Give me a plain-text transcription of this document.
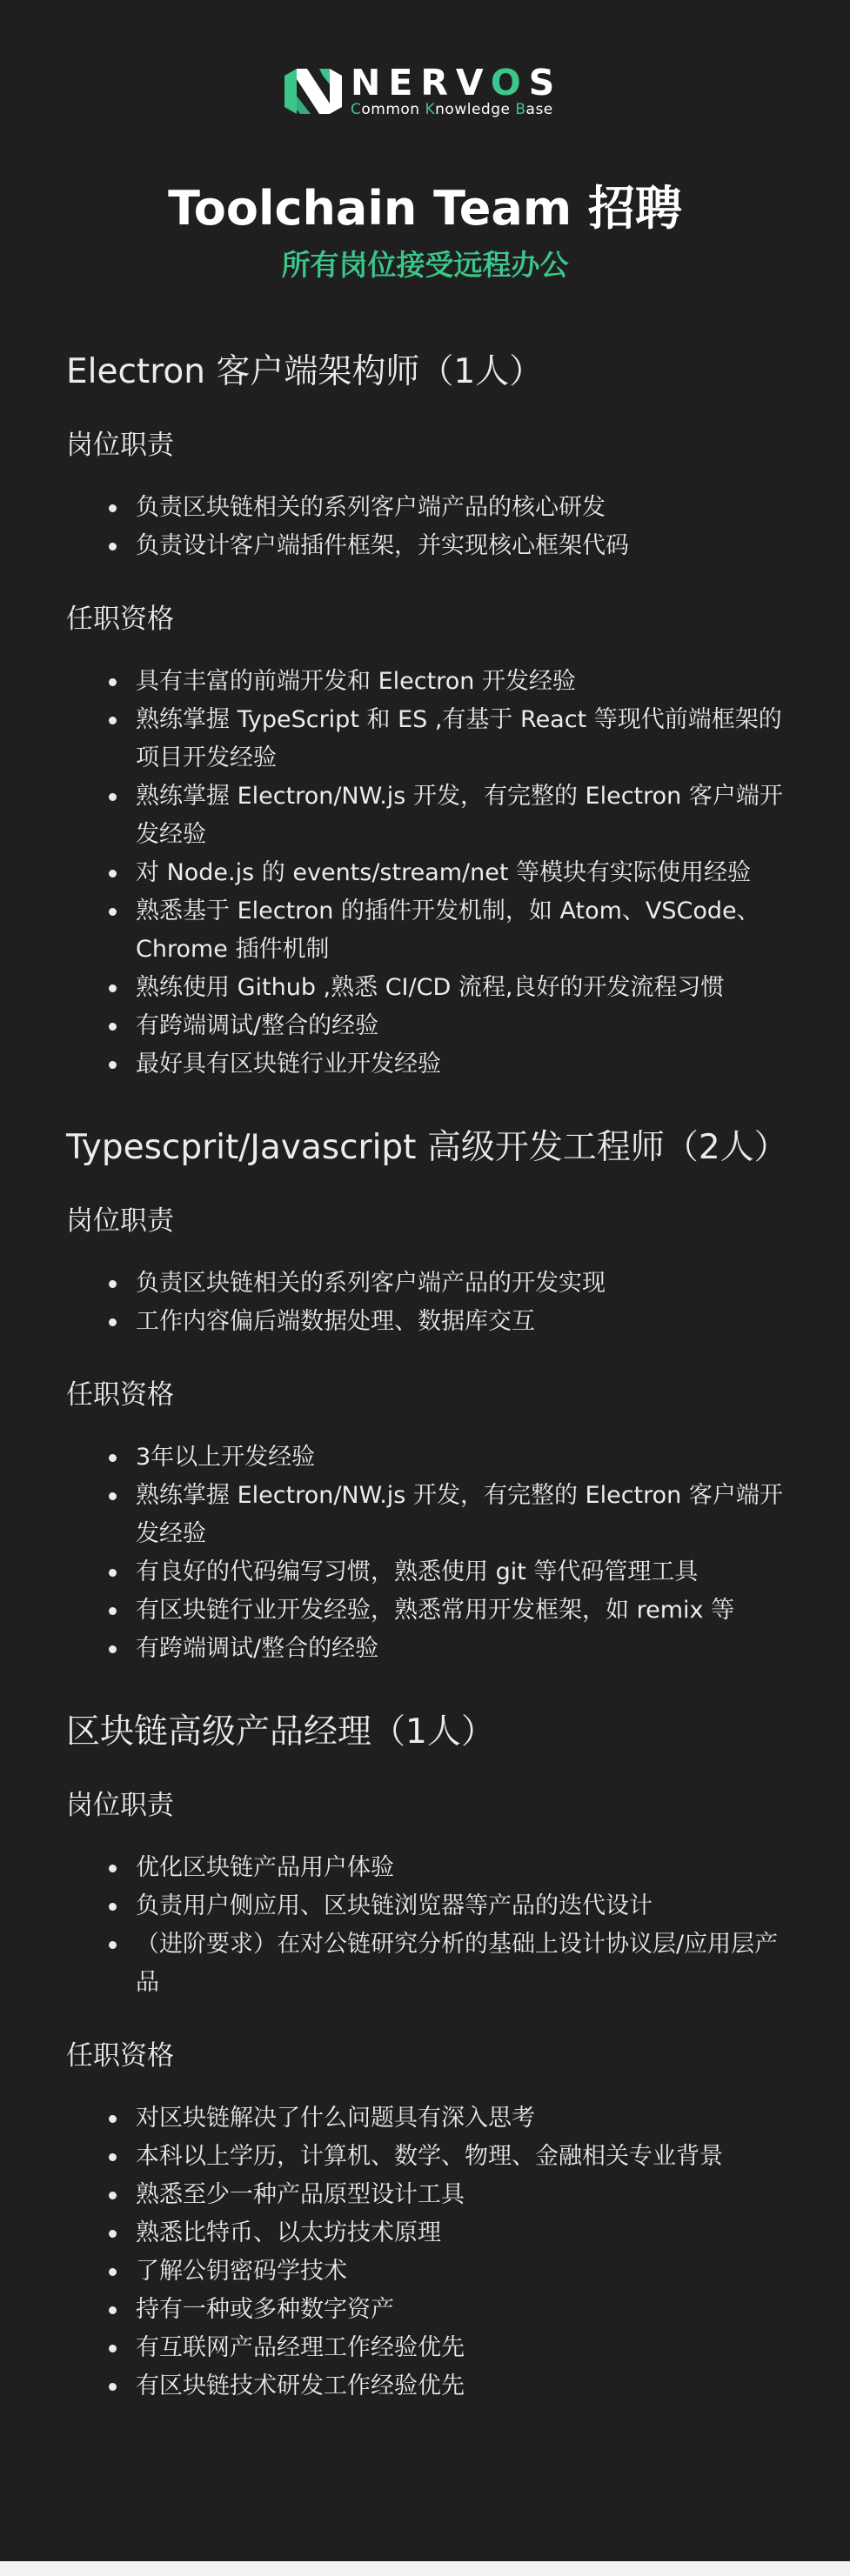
NERVOS
Common Knowledge Base
Toolchain Team 招聘
所有岗位接受远程办公
Electron 客户端架构师（1人）
岗位职责
负责区块链相关的系列客户端产品的核心研发
负责设计客户端插件框架，并实现核心框架代码
任职资格
具有丰富的前端开发和 Electron 开发经验
熟练掌握 TypeScript 和 ES ,有基于 React 等现代前端框架的项目开发经验
熟练掌握 Electron/NW.js 开发，有完整的 Electron 客户端开发经验
对 Node.js 的 events/stream/net 等模块有实际使用经验
熟悉基于 Electron 的插件开发机制，如 Atom、VSCode、Chrome 插件机制
熟练使用 Github ,熟悉 CI/CD 流程,良好的开发流程习惯
有跨端调试/整合的经验
最好具有区块链行业开发经验
Typescprit/Javascript 高级开发工程师（2人）
岗位职责
负责区块链相关的系列客户端产品的开发实现
工作内容偏后端数据处理、数据库交互
任职资格
3年以上开发经验
熟练掌握 Electron/NW.js 开发，有完整的 Electron 客户端开发经验
有良好的代码编写习惯，熟悉使用 git 等代码管理工具
有区块链行业开发经验，熟悉常用开发框架，如 remix 等
有跨端调试/整合的经验
区块链高级产品经理（1人）
岗位职责
优化区块链产品用户体验
负责用户侧应用、区块链浏览器等产品的迭代设计
（进阶要求）在对公链研究分析的基础上设计协议层/应用层产品
任职资格
对区块链解决了什么问题具有深入思考
本科以上学历，计算机、数学、物理、金融相关专业背景
熟悉至少一种产品原型设计工具
熟悉比特币、以太坊技术原理
了解公钥密码学技术
持有一种或多种数字资产
有互联网产品经理工作经验优先
有区块链技术研发工作经验优先
